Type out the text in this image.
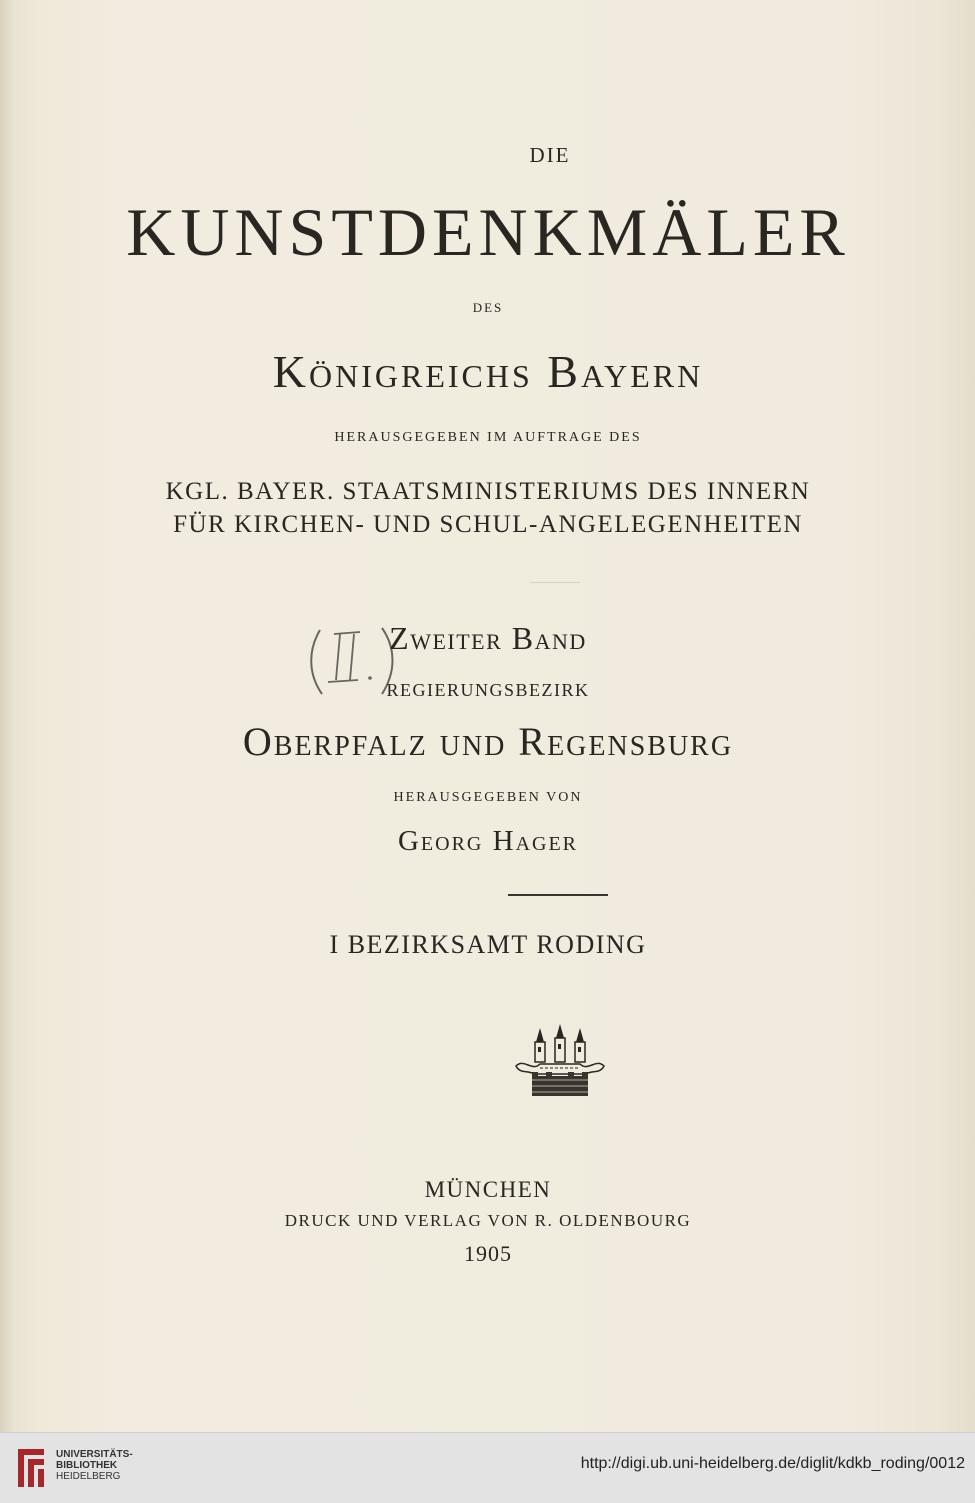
DIE
KUNSTDENKMÄLER
DES
Königreichs Bayern
HERAUSGEGEBEN IM AUFTRAGE DES
KGL. BAYER. STAATSMINISTERIUMS DES INNERN
FÜR KIRCHEN- UND SCHUL-ANGELEGENHEITEN
(II.)	Zweiter Band
REGIERUNGSBEZIRK
Oberpfalz und Regensburg
HERAUSGEGEBEN VON
Georg Hager
I BEZIRKSAMT RODING
MÜNCHEN
DRUCK UND VERLAG VON R. OLDENBOURG
1905
UNIVERSITÄTS-
BIBLIOTHEK
HEIDELBERG
http://digi.ub.uni-heidelberg.de/diglit/kdkb_roding/0012
